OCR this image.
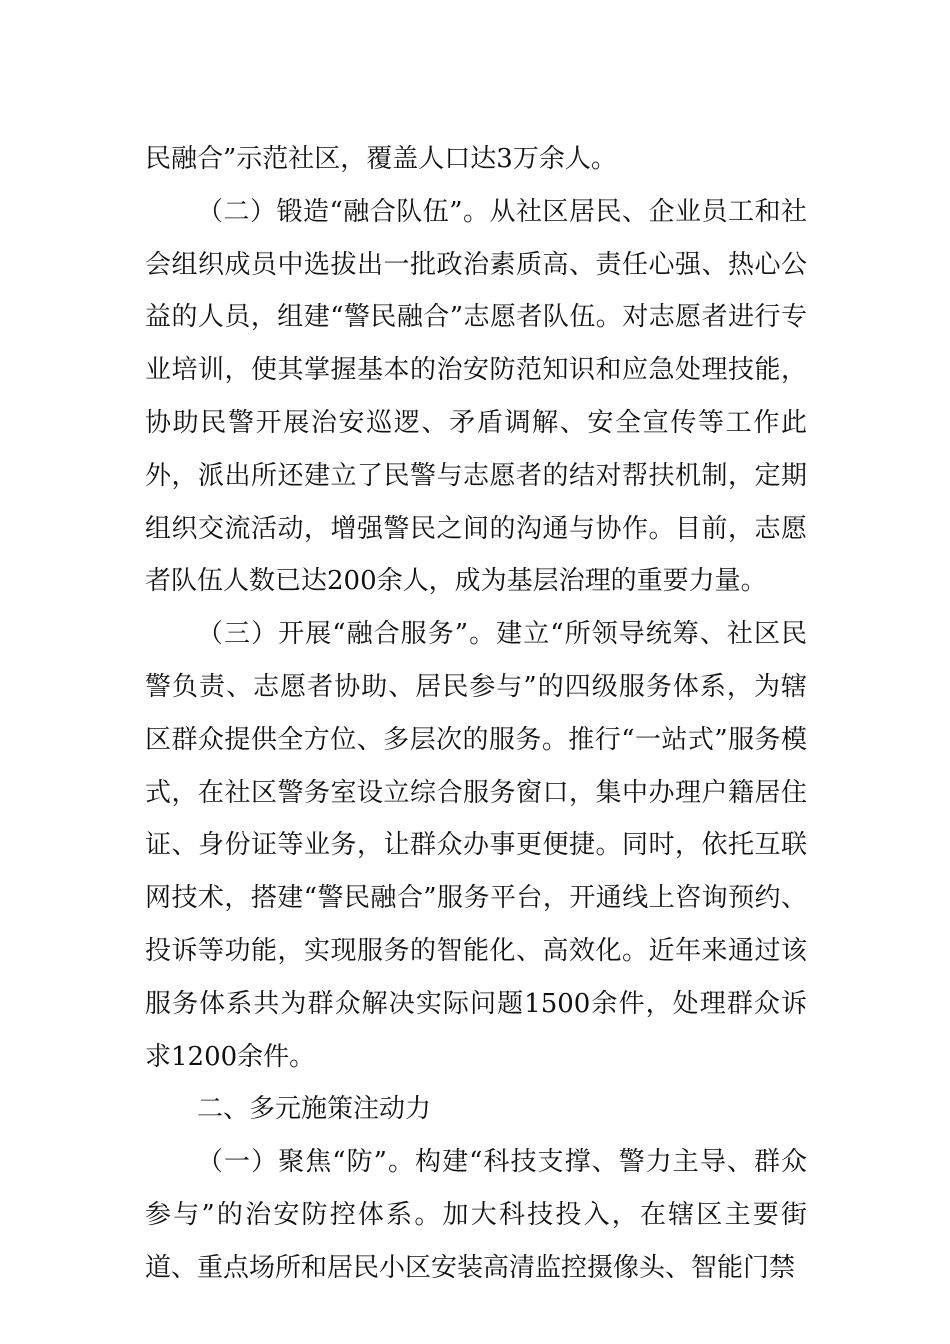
民融合”示范社区，覆盖人口达3万余人。

（二）锻造“融合队伍”。从社区居民、企业员工和社会组织成员中选拔出一批政治素质高、责任心强、热心公益的人员，组建“警民融合”志愿者队伍。对志愿者进行专业培训，使其掌握基本的治安防范知识和应急处理技能，协助民警开展治安巡逻、矛盾调解、安全宣传等工作此外，派出所还建立了民警与志愿者的结对帮扶机制，定期组织交流活动，增强警民之间的沟通与协作。目前，志愿者队伍人数已达200余人，成为基层治理的重要力量。

（三）开展“融合服务”。建立“所领导统筹、社区民警负责、志愿者协助、居民参与”的四级服务体系，为辖区群众提供全方位、多层次的服务。推行“一站式”服务模式，在社区警务室设立综合服务窗口，集中办理户籍居住证、身份证等业务，让群众办事更便捷。同时，依托互联网技术，搭建“警民融合”服务平台，开通线上咨询预约、投诉等功能，实现服务的智能化、高效化。近年来通过该服务体系共为群众解决实际问题1500余件，处理群众诉求1200余件。

二、多元施策注动力

（一）聚焦“防”。构建“科技支撑、警力主导、群众参与”的治安防控体系。加大科技投入，在辖区主要街道、重点场所和居民小区安装高清监控摄像头、智能门禁
